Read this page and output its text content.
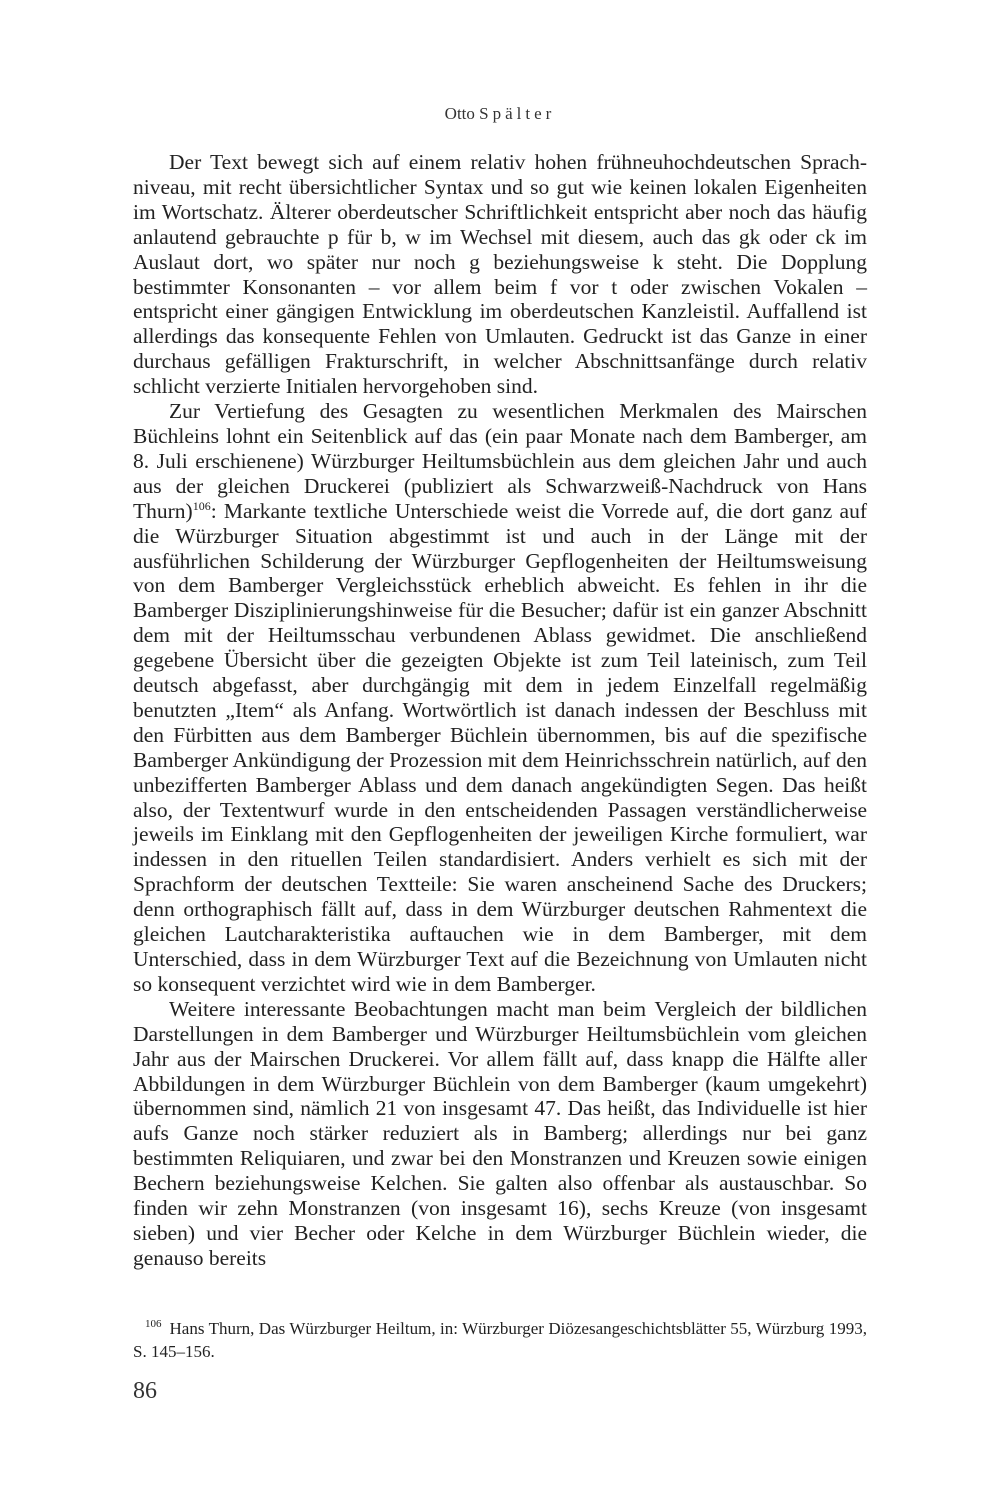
Otto Spälter

Der Text bewegt sich auf einem relativ hohen frühneuhochdeutschen Sprachniveau, mit recht übersichtlicher Syntax und so gut wie keinen lokalen Eigenheiten im Wortschatz. Älterer oberdeutscher Schriftlichkeit entspricht aber noch das häufig anlautend gebrauchte p für b, w im Wechsel mit diesem, auch das gk oder ck im Auslaut dort, wo später nur noch g beziehungsweise k steht. Die Dopplung bestimmter Konsonanten – vor allem beim f vor t oder zwischen Vokalen – entspricht einer gängigen Entwicklung im oberdeutschen Kanzleistil. Auffallend ist allerdings das konsequente Fehlen von Umlauten. Gedruckt ist das Ganze in einer durchaus gefälligen Frakturschrift, in welcher Abschnittsanfänge durch relativ schlicht verzierte Initialen hervorgehoben sind.

Zur Vertiefung des Gesagten zu wesentlichen Merkmalen des Mairschen Büchleins lohnt ein Seitenblick auf das (ein paar Monate nach dem Bamberger, am 8. Juli erschienene) Würzburger Heiltumsbüchlein aus dem gleichen Jahr und auch aus der gleichen Druckerei (publiziert als Schwarzweiß-Nachdruck von Hans Thurn)$^{106}$: Markante textliche Unterschiede weist die Vorrede auf, die dort ganz auf die Würzburger Situation abgestimmt ist und auch in der Länge mit der ausführlichen Schilderung der Würzburger Gepflogenheiten der Heiltumsweisung von dem Bamberger Vergleichsstück erheblich abweicht. Es fehlen in ihr die Bamberger Disziplinierungshinweise für die Besucher; dafür ist ein ganzer Abschnitt dem mit der Heiltumsschau verbundenen Ablass gewidmet. Die anschließend gegebene Übersicht über die gezeigten Objekte ist zum Teil lateinisch, zum Teil deutsch abgefasst, aber durchgängig mit dem in jedem Einzelfall regelmäßig benutzten „Item“ als Anfang. Wortwörtlich ist danach indessen der Beschluss mit den Fürbitten aus dem Bamberger Büchlein übernommen, bis auf die spezifische Bamberger Ankündigung der Prozession mit dem Heinrichsschrein natürlich, auf den unbezifferten Bamberger Ablass und dem danach angekündigten Segen. Das heißt also, der Textentwurf wurde in den entscheidenden Passagen verständlicherweise jeweils im Einklang mit den Gepflogenheiten der jeweiligen Kirche formuliert, war indessen in den rituellen Teilen standardisiert. Anders verhielt es sich mit der Sprachform der deutschen Textteile: Sie waren anscheinend Sache des Druckers; denn orthographisch fällt auf, dass in dem Würzburger deutschen Rahmentext die gleichen Lautcharakteristika auftauchen wie in dem Bamberger, mit dem Unterschied, dass in dem Würzburger Text auf die Bezeichnung von Umlauten nicht so konsequent verzichtet wird wie in dem Bamberger.

Weitere interessante Beobachtungen macht man beim Vergleich der bildlichen Darstellungen in dem Bamberger und Würzburger Heiltumsbüchlein vom gleichen Jahr aus der Mairschen Druckerei. Vor allem fällt auf, dass knapp die Hälfte aller Abbildungen in dem Würzburger Büchlein von dem Bamberger (kaum umgekehrt) übernommen sind, nämlich 21 von insgesamt 47. Das heißt, das Individuelle ist hier aufs Ganze noch stärker reduziert als in Bamberg; allerdings nur bei ganz bestimmten Reliquiaren, und zwar bei den Monstranzen und Kreuzen sowie einigen Bechern beziehungsweise Kelchen. Sie galten also offenbar als austauschbar. So finden wir zehn Monstranzen (von insgesamt 16), sechs Kreuze (von insgesamt sieben) und vier Becher oder Kelche in dem Würzburger Büchlein wieder, die genauso bereits

$^{106}$ Hans Thurn, Das Würzburger Heiltum, in: Würzburger Diözesangeschichtsblätter 55, Würzburg 1993, S. 145–156.

86
